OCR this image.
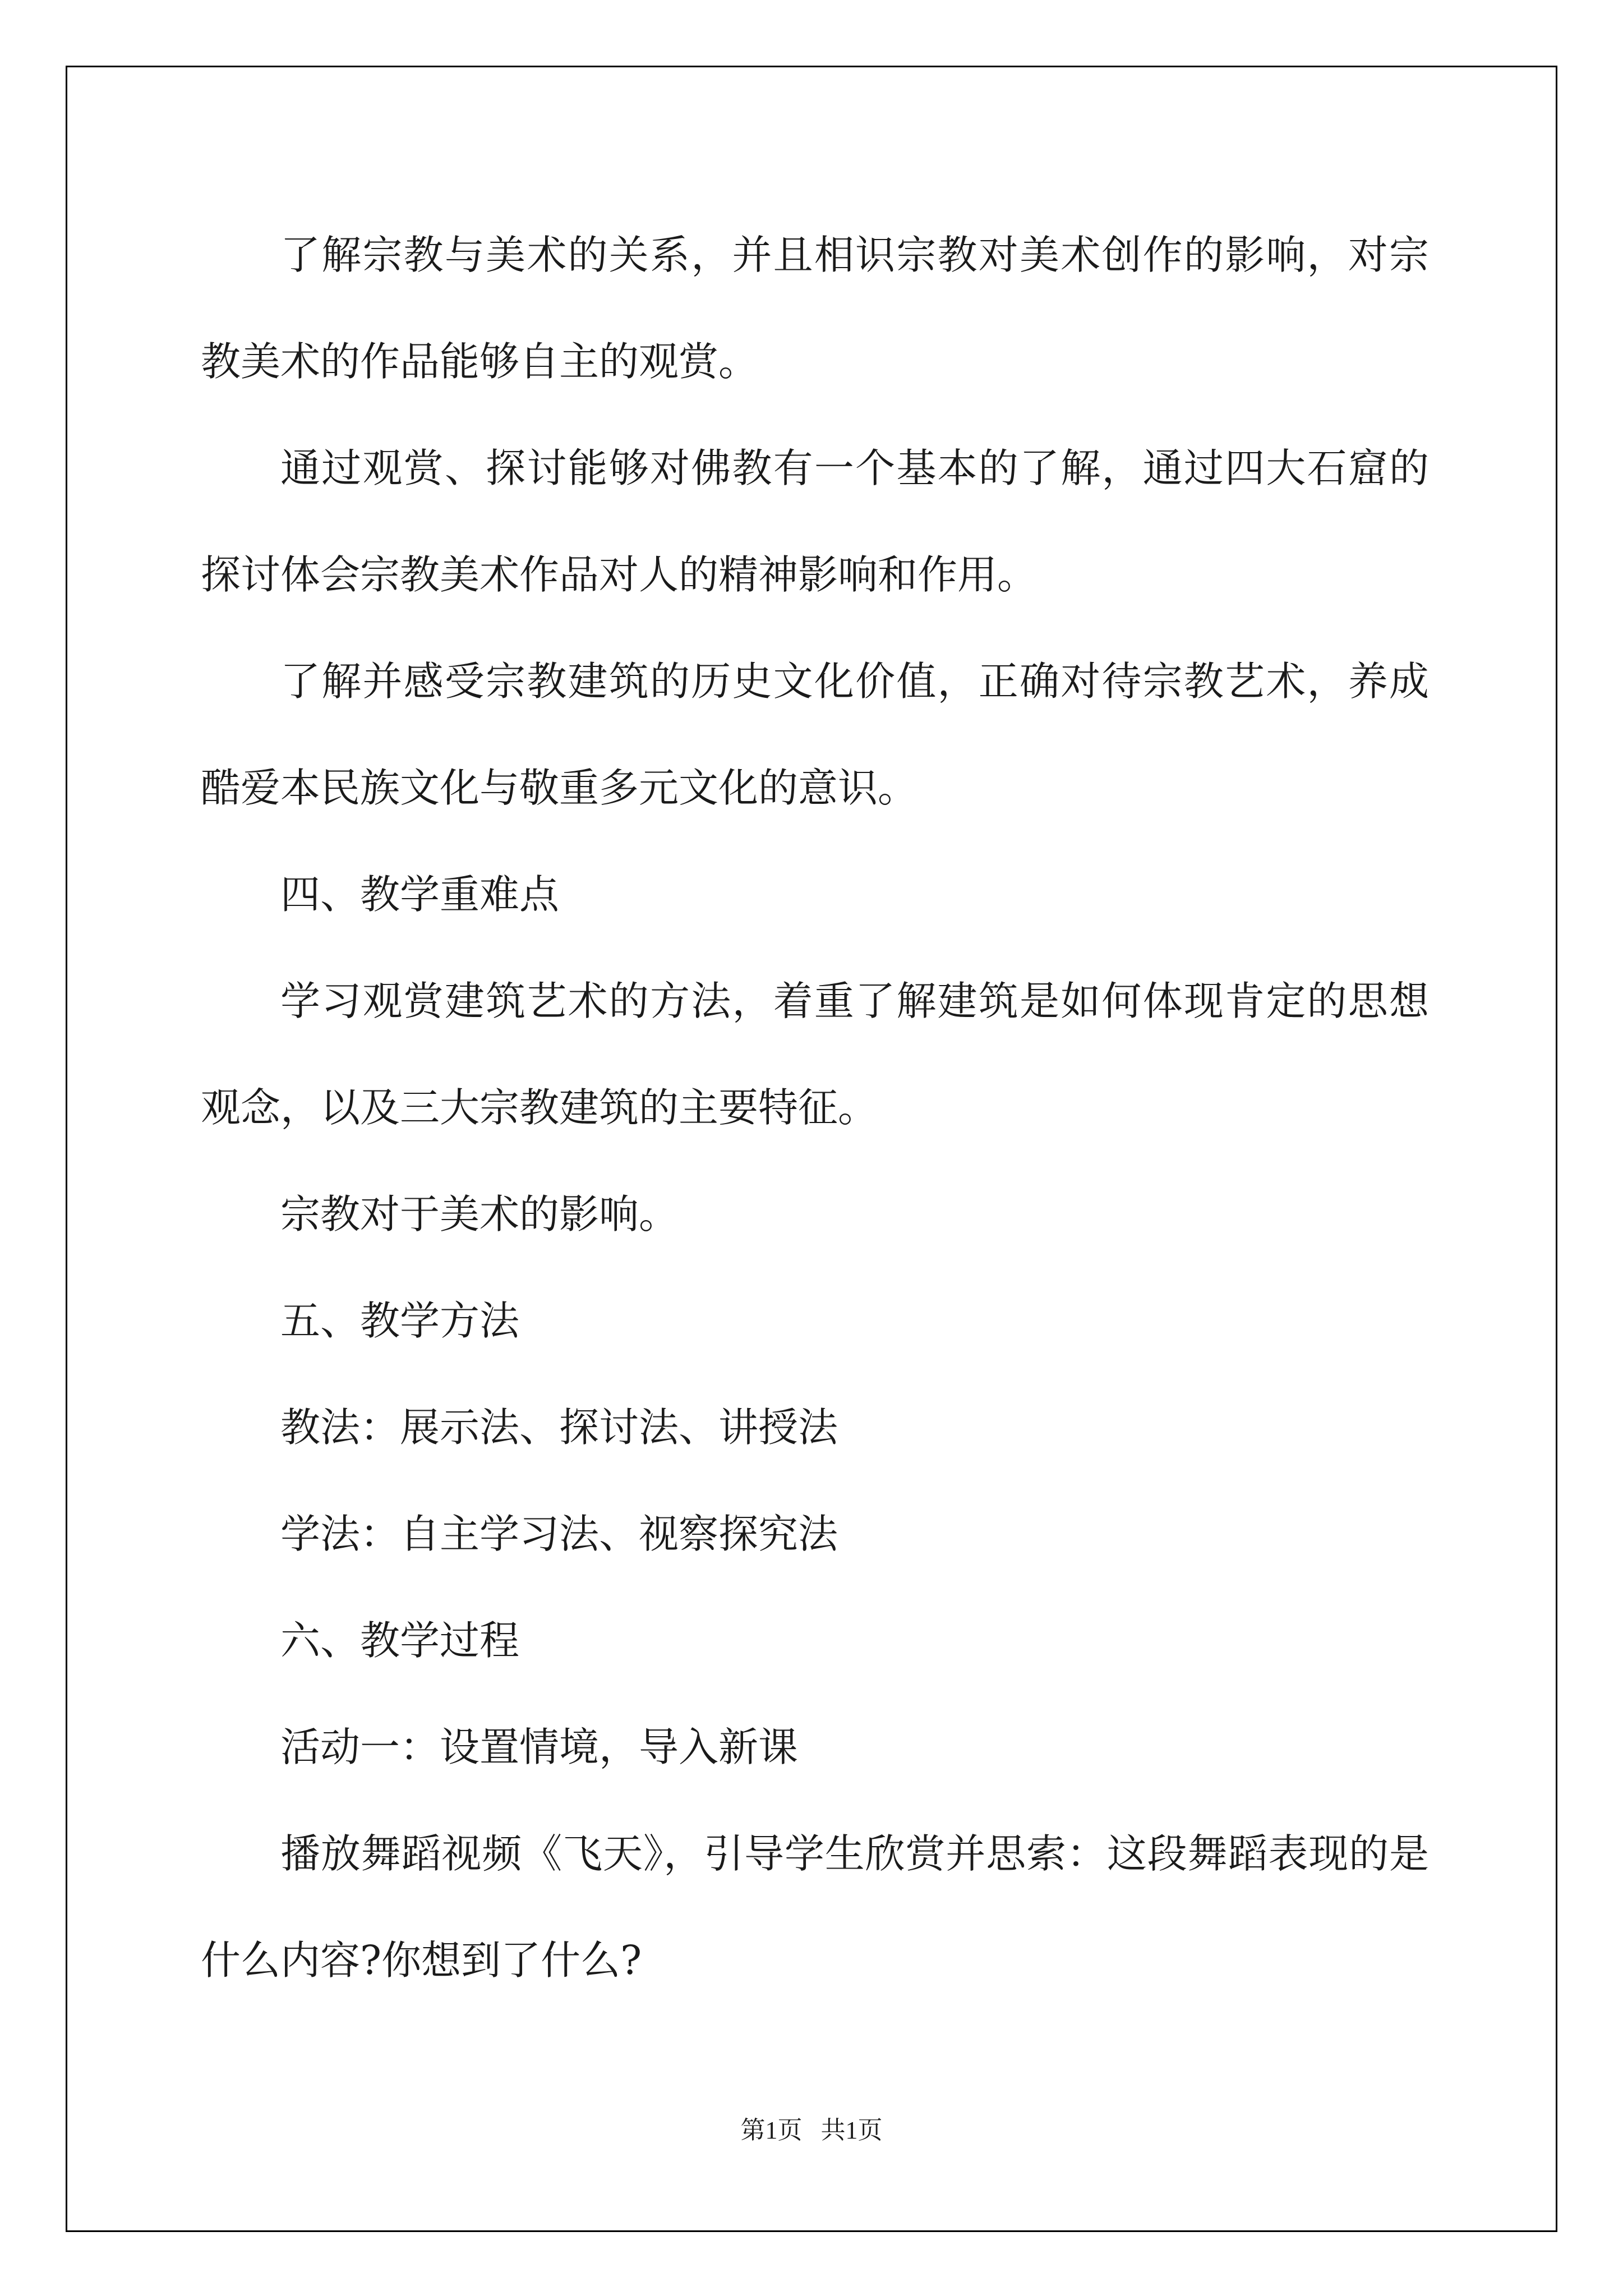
了解宗教与美术的关系，并且相识宗教对美术创作的影响，对宗教美术的作品能够自主的观赏。

通过观赏、探讨能够对佛教有一个基本的了解，通过四大石窟的探讨体会宗教美术作品对人的精神影响和作用。

了解并感受宗教建筑的历史文化价值，正确对待宗教艺术，养成酷爱本民族文化与敬重多元文化的意识。

四、教学重难点

学习观赏建筑艺术的方法，着重了解建筑是如何体现肯定的思想观念，以及三大宗教建筑的主要特征。

宗教对于美术的影响。

五、教学方法

教法：展示法、探讨法、讲授法

学法：自主学习法、视察探究法

六、教学过程

活动一：设置情境，导入新课

播放舞蹈视频《飞天》，引导学生欣赏并思索：这段舞蹈表现的是什么内容?你想到了什么?

第1页 共1页
